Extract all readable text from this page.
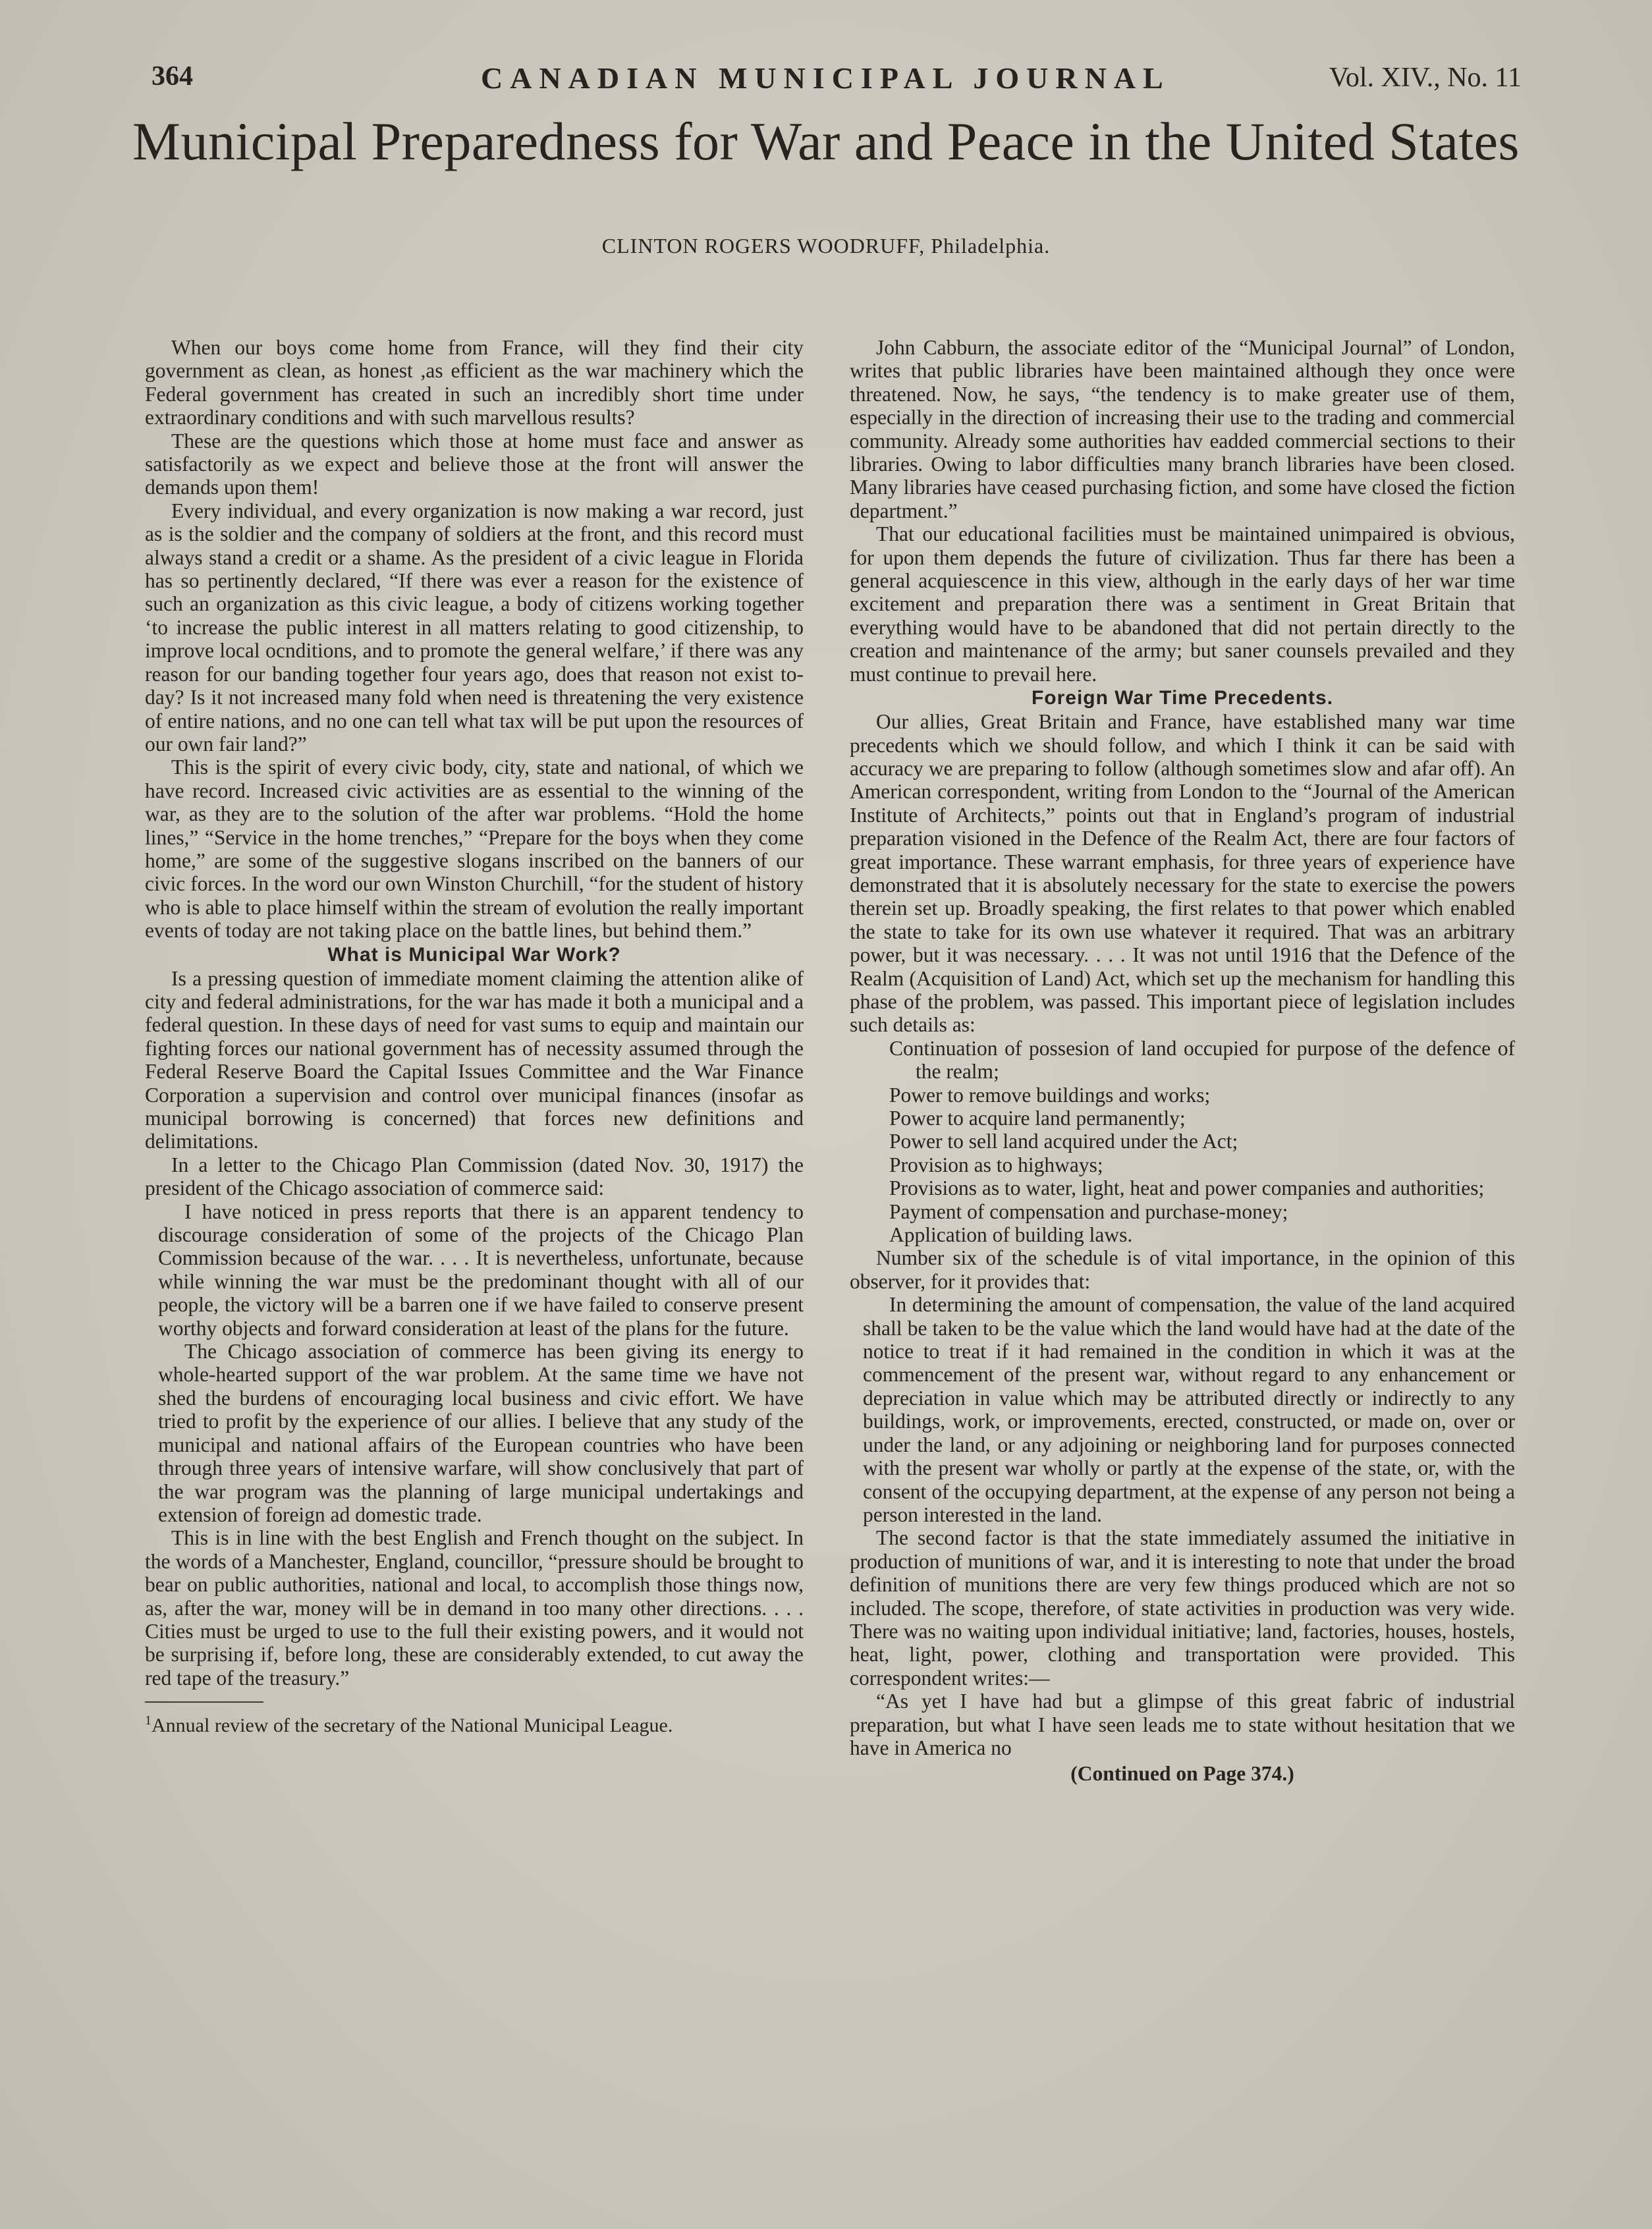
364	CANADIAN MUNICIPAL JOURNAL	Vol. XIV., No. 11
Municipal Preparedness for War and Peace in the United States
CLINTON ROGERS WOODRUFF, Philadelphia.

When our boys come home from France, will they find their city government as clean, as honest ,as efficient as the war machinery which the Federal government has created in such an incredibly short time under extraordinary conditions and with such marvellous results?

These are the questions which those at home must face and answer as satisfactorily as we expect and believe those at the front will answer the demands upon them!

Every individual, and every organization is now making a war record, just as is the soldier and the company of soldiers at the front, and this record must always stand a credit or a shame. As the president of a civic league in Florida has so pertinently declared, “If there was ever a reason for the existence of such an organization as this civic league, a body of citizens working together ‘to increase the public interest in all matters relating to good citizenship, to improve local ocnditions, and to promote the general welfare,’ if there was any reason for our banding together four years ago, does that reason not exist to-day? Is it not increased many fold when need is threatening the very existence of entire nations, and no one can tell what tax will be put upon the resources of our own fair land?”

This is the spirit of every civic body, city, state and national, of which we have record. Increased civic activities are as essential to the winning of the war, as they are to the solution of the after war problems. “Hold the home lines,” “Service in the home trenches,” “Prepare for the boys when they come home,” are some of the suggestive slogans inscribed on the banners of our civic forces. In the word our own Winston Churchill, “for the student of history who is able to place himself within the stream of evolution the really important events of today are not taking place on the battle lines, but behind them.”

What is Municipal War Work?

Is a pressing question of immediate moment claiming the attention alike of city and federal administrations, for the war has made it both a municipal and a federal question. In these days of need for vast sums to equip and maintain our fighting forces our national government has of necessity assumed through the Federal Reserve Board the Capital Issues Committee and the War Finance Corporation a supervision and control over municipal finances (insofar as municipal borrowing is concerned) that forces new definitions and delimitations.

In a letter to the Chicago Plan Commission (dated Nov. 30, 1917) the president of the Chicago association of commerce said:

I have noticed in press reports that there is an apparent tendency to discourage consideration of some of the projects of the Chicago Plan Commission because of the war. . . . It is nevertheless, unfortunate, because while winning the war must be the predominant thought with all of our people, the victory will be a barren one if we have failed to conserve present worthy objects and forward consideration at least of the plans for the future.

The Chicago association of commerce has been giving its energy to whole-hearted support of the war problem. At the same time we have not shed the burdens of encouraging local business and civic effort. We have tried to profit by the experience of our allies. I believe that any study of the municipal and national affairs of the European countries who have been through three years of intensive warfare, will show conclusively that part of the war program was the planning of large municipal undertakings and extension of foreign ad domestic trade.

This is in line with the best English and French thought on the subject. In the words of a Manchester, England, councillor, “pressure should be brought to bear on public authorities, national and local, to accomplish those things now, as, after the war, money will be in demand in too many other directions. . . . Cities must be urged to use to the full their existing powers, and it would not be surprising if, before long, these are considerably extended, to cut away the red tape of the treasury.”

$^1$Annual review of the secretary of the National Municipal League.

John Cabburn, the associate editor of the “Municipal Journal” of London, writes that public libraries have been maintained although they once were threatened. Now, he says, “the tendency is to make greater use of them, especially in the direction of increasing their use to the trading and commercial community. Already some authorities hav eadded commercial sections to their libraries. Owing to labor difficulties many branch libraries have been closed. Many libraries have ceased purchasing fiction, and some have closed the fiction department.”

That our educational facilities must be maintained unimpaired is obvious, for upon them depends the future of civilization. Thus far there has been a general acquiescence in this view, although in the early days of her war time excitement and preparation there was a sentiment in Great Britain that everything would have to be abandoned that did not pertain directly to the creation and maintenance of the army; but saner counsels prevailed and they must continue to prevail here.

Foreign War Time Precedents.

Our allies, Great Britain and France, have established many war time precedents which we should follow, and which I think it can be said with accuracy we are preparing to follow (although sometimes slow and afar off). An American correspondent, writing from London to the “Journal of the American Institute of Architects,” points out that in England’s program of industrial preparation visioned in the Defence of the Realm Act, there are four factors of great importance. These warrant emphasis, for three years of experience have demonstrated that it is absolutely necessary for the state to exercise the powers therein set up. Broadly speaking, the first relates to that power which enabled the state to take for its own use whatever it required. That was an arbitrary power, but it was necessary. . . . It was not until 1916 that the Defence of the Realm (Acquisition of Land) Act, which set up the mechanism for handling this phase of the problem, was passed. This important piece of legislation includes such details as:

Continuation of possesion of land occupied for purpose of the defence of the realm;
Power to remove buildings and works;
Power to acquire land permanently;
Power to sell land acquired under the Act;
Provision as to highways;
Provisions as to water, light, heat and power companies and authorities;
Payment of compensation and purchase-money;
Application of building laws.

Number six of the schedule is of vital importance, in the opinion of this observer, for it provides that:

In determining the amount of compensation, the value of the land acquired shall be taken to be the value which the land would have had at the date of the notice to treat if it had remained in the condition in which it was at the commencement of the present war, without regard to any enhancement or depreciation in value which may be attributed directly or indirectly to any buildings, work, or improvements, erected, constructed, or made on, over or under the land, or any adjoining or neighboring land for purposes connected with the present war wholly or partly at the expense of the state, or, with the consent of the occupying department, at the expense of any person not being a person interested in the land.

The second factor is that the state immediately assumed the initiative in production of munitions of war, and it is interesting to note that under the broad definition of munitions there are very few things produced which are not so included. The scope, therefore, of state activities in production was very wide. There was no waiting upon individual initiative; land, factories, houses, hostels, heat, light, power, clothing and transportation were provided. This correspondent writes:—

“As yet I have had but a glimpse of this great fabric of industrial preparation, but what I have seen leads me to state without hesitation that we have in America no

(Continued on Page 374.)
